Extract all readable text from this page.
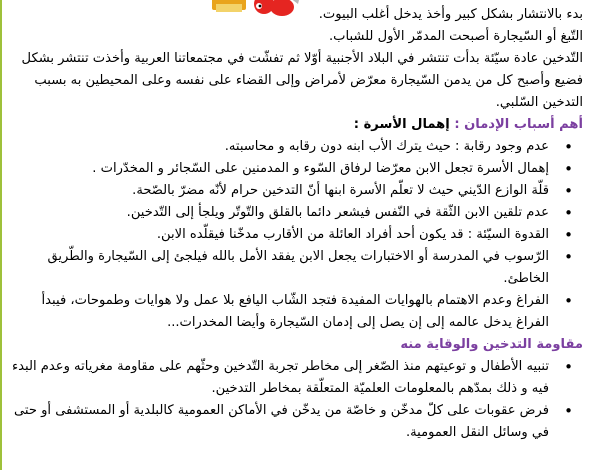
بدء بالانتشار بشكل كبير وأخذ يدخل أغلب البيوت.

التّبغ أو السّيجارة أصبحت المدمّر الأول للشباب.

التّدخين عادة سيّئة بدأت تنتشر في البلاد الأجنبية أوّلا ثم تفشّت في مجتمعاتنا العربية وأخذت تنتشر بشكل فضيع وأصبح كل من يدمن السّيجارة معرّض لأمراض وإلى القضاء على نفسه وعلى المحيطين به بسبب التدخين السّلبي.

أهم أسباب الإدمان : إهمال الأسرة :

• عدم وجود رقابة : حيث يترك الأب ابنه دون رقابه و محاسبته.
• إهمال الأسرة تجعل الابن معرّضا لرفاق السّوء و المدمنين على السّجائر و المخدّرات .
• قلّة الوازع الدّيني حيث لا تعلّم الأسرة ابنها أنّ التدخين حرام لأنّه مضرّ بالصّحة.
• عدم تلقين الابن الثّقة في النّفس فيشعر دائما بالقلق والتّوتّر ويلجأ إلى التّدخين.
• القدوة السيّئة : قد يكون أحد أفراد العائلة من الأقارب مدخّنا فيقلّده الابن.
• الرّسوب في المدرسة أو الاختبارات يجعل الابن يفقد الأمل بالله فيلجئ إلى السّيجارة والطّريق الخاطئ.
• الفراغ وعدم الاهتمام بالهوايات المفيدة فتجد الشّاب اليافع بلا عمل ولا هوايات وطموحات، فيبدأ الفراغ يدخل عالمه إلى إن يصل إلى إدمان السّيجارة وأيضا المخدرات...

مقاومة التدخين والوقاية منه

• تنبيه الأطفال و توعيتهم منذ الصّغر إلى مخاطر تجربة التّدخين وحثّهم على مقاومة مغرياته وعدم البدء فيه و ذلك بمدّهم بالمعلومات العلميّة المتعلّقة بمخاطر التدخين.
• فرض عقوبات على كلّ مدخّن و خاصّة من يدخّن في الأماكن العمومية كالبلدية أو المستشفى أو حتى في وسائل النقل العمومية.
